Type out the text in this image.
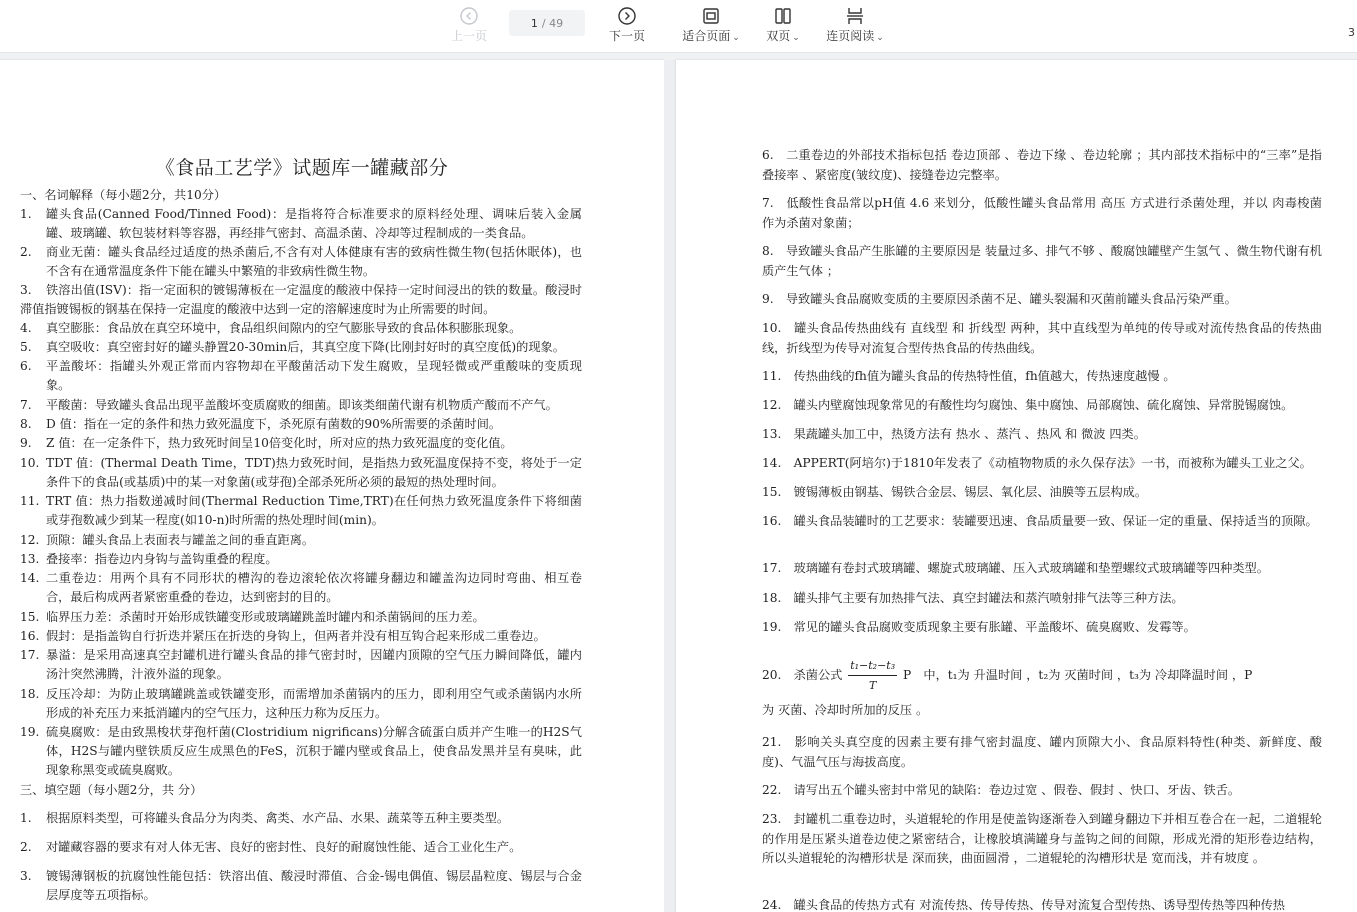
上一页
1 / 49
下一页	适合页面 ⌄ 双页 ⌄ 连页阅读 ⌄	3
《食品工艺学》试题库一罐藏部分
一、名词解释（每小题2分，共10分）
1. 罐头食品(Canned Food/Tinned Food)：是指将符合标准要求的原料经处理、调味后装入金属罐、玻璃罐、软包装材料等容器，再经排气密封、高温杀菌、冷却等过程制成的一类食品。
2. 商业无菌：罐头食品经过适度的热杀菌后,不含有对人体健康有害的致病性微生物(包括休眠体)，也不含有在通常温度条件下能在罐头中繁殖的非致病性微生物。
3.	铁溶出值(ISV)：指一定面积的镀锡薄板在一定温度的酸液中保持一定时间浸出的铁的数量。酸浸时滞值指镀锡板的钢基在保持一定温度的酸液中达到一定的溶解速度时为止所需要的时间。
4. 真空膨胀：食品放在真空环境中，食品组织间隙内的空气膨胀导致的食品体积膨胀现象。
5. 真空吸收：真空密封好的罐头静置20-30min后，其真空度下降(比刚封好时的真空度低)的现象。
6. 平盖酸坏：指罐头外观正常而内容物却在平酸菌活动下发生腐败，呈现轻微或严重酸味的变质现象。
7. 平酸菌：导致罐头食品出现平盖酸坏变质腐败的细菌。即该类细菌代谢有机物质产酸而不产气。
8. D 值：指在一定的条件和热力致死温度下，杀死原有菌数的90%所需要的杀菌时间。
9. Z 值：在一定条件下，热力致死时间呈10倍变化时，所对应的热力致死温度的变化值。
10. TDT 值：(Thermal Death Time，TDT)热力致死时间，是指热力致死温度保持不变，将处于一定条件下的食品(或基质)中的某一对象菌(或芽孢)全部杀死所必须的最短的热处理时间。
11. TRT 值：热力指数递减时间(Thermal Reduction Time,TRT)在任何热力致死温度条件下将细菌或芽孢数减少到某一程度(如10-n)时所需的热处理时间(min)。
12. 顶隙：罐头食品上表面表与罐盖之间的垂直距离。
13. 叠接率：指卷边内身钩与盖钩重叠的程度。
14. 二重卷边：用两个具有不同形状的槽沟的卷边滚轮依次将罐身翻边和罐盖沟边同时弯曲、相互卷合，最后构成两者紧密重叠的卷边，达到密封的目的。
15. 临界压力差：杀菌时开始形成铁罐变形或玻璃罐跳盖时罐内和杀菌锅间的压力差。
16. 假封：是指盖钩自行折迭并紧压在折迭的身钩上，但两者并没有相互钩合起来形成二重卷边。
17. 暴溢：是采用高速真空封罐机进行罐头食品的排气密封时，因罐内顶隙的空气压力瞬间降低，罐内汤汁突然沸腾，汁液外溢的现象。
18. 反压冷却：为防止玻璃罐跳盖或铁罐变形，而需增加杀菌锅内的压力，即利用空气或杀菌锅内水所形成的补充压力来抵消罐内的空气压力，这种压力称为反压力。
19. 硫臭腐败：是由致黑梭状芽孢杆菌(Clostridium nigrificans)分解含硫蛋白质并产生唯一的H2S气体，H2S与罐内壁铁质反应生成黑色的FeS，沉积于罐内壁或食品上，使食品发黑并呈有臭味，此现象称黑变或硫臭腐败。
三、填空题（每小题2分，共 分）
1. 根据原料类型，可将罐头食品分为肉类、禽类、水产品、水果、蔬菜等五种主要类型。
2. 对罐藏容器的要求有对人体无害、良好的密封性、良好的耐腐蚀性能、适合工业化生产。
3. 镀锡薄钢板的抗腐蚀性能包括：铁溶出值、酸浸时滞值、合金-锡电偶值、锡层晶粒度、锡层与合金层厚度等五项指标。
6.　二重卷边的外部技术指标包括 卷边顶部 、卷边下缘 、卷边轮廓 ；其内部技术指标中的“三率”是指 叠接率 、紧密度(皱纹度)、接缝卷边完整率。
7.　低酸性食品常以pH值 4.6 来划分，低酸性罐头食品常用 高压 方式进行杀菌处理，并以 肉毒梭菌 作为杀菌对象菌；
8.　导致罐头食品产生胀罐的主要原因是 装量过多、排气不够 、酸腐蚀罐壁产生氢气 、微生物代谢有机质产生气体 ；
9.　导致罐头食品腐败变质的主要原因杀菌不足、罐头裂漏和灭菌前罐头食品污染严重。
10.　罐头食品传热曲线有 直线型 和 折线型 两种，其中直线型为单纯的传导或对流传热食品的传热曲线，折线型为传导对流复合型传热食品的传热曲线。
11.　传热曲线的fh值为罐头食品的传热特性值，fh值越大，传热速度越慢 。
12.　罐头内壁腐蚀现象常见的有酸性均匀腐蚀、集中腐蚀、局部腐蚀、硫化腐蚀、异常脱锡腐蚀。
13.　果蔬罐头加工中，热烫方法有 热水 、蒸汽 、热风 和 微波 四类。
14.　APPERT(阿培尔)于1810年发表了《动植物物质的永久保存法》一书，而被称为罐头工业之父。
15.　镀锡薄板由钢基、锡铁合金层、锡层、氧化层、油膜等五层构成。
16.　罐头食品装罐时的工艺要求：装罐要迅速、食品质量要一致、保证一定的重量、保持适当的顶隙。
17.　玻璃罐有卷封式玻璃罐、螺旋式玻璃罐、压入式玻璃罐和垫塑螺纹式玻璃罐等四种类型。
18.　罐头排气主要有加热排气法、真空封罐法和蒸汽喷射排气法等三种方法。
19.　常见的罐头食品腐败变质现象主要有胀罐、平盖酸坏、硫臭腐败、发霉等。
20.　杀菌公式 $\frac{\text{t₁−t₂−t₃}}{T}$ P　中，t₁为 升温时间 ，t₂为 灭菌时间 ，t₃为 冷却降温时间 ，P
为 灭菌、冷却时所加的反压 。
21.　影响关头真空度的因素主要有排气密封温度、罐内顶隙大小、食品原料特性(种类、新鲜度、酸度)、气温气压与海拔高度。
22.　请写出五个罐头密封中常见的缺陷：卷边过宽 、假卷、假封 、快口、牙齿、铁舌。
23.　封罐机二重卷边时，头道辊轮的作用是使盖钩逐渐卷入到罐身翻边下并相互卷合在一起，二道辊轮的作用是压紧头道卷边使之紧密结合，让橡胶填满罐身与盖钩之间的间隙，形成光滑的矩形卷边结构，所以头道辊轮的沟槽形状是 深而狭，曲面圆滑 ，二道辊轮的沟槽形状是 宽而浅，并有坡度 。
24.　罐头食品的传热方式有 对流传热、传导传热、传导对流复合型传热、诱导型传热等四种传热
